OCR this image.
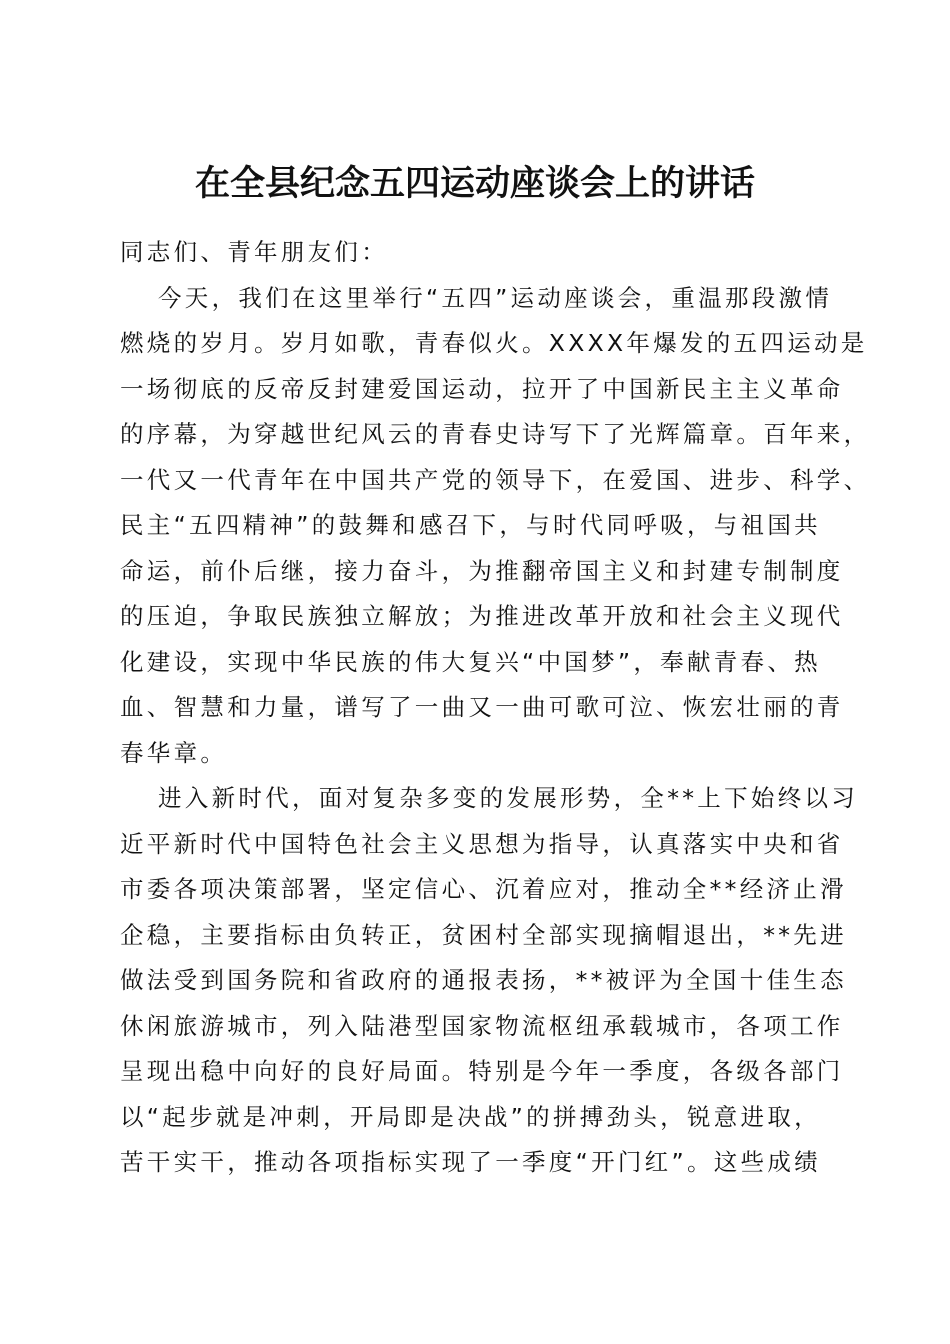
在全县纪念五四运动座谈会上的讲话

同志们、青年朋友们：

今天，我们在这里举行“五四”运动座谈会，重温那段激情
燃烧的岁月。岁月如歌，青春似火。XXXX年爆发的五四运动是
一场彻底的反帝反封建爱国运动，拉开了中国新民主主义革命
的序幕，为穿越世纪风云的青春史诗写下了光辉篇章。百年来，
一代又一代青年在中国共产党的领导下，在爱国、进步、科学、
民主“五四精神”的鼓舞和感召下，与时代同呼吸，与祖国共
命运，前仆后继，接力奋斗，为推翻帝国主义和封建专制制度
的压迫，争取民族独立解放；为推进改革开放和社会主义现代
化建设，实现中华民族的伟大复兴“中国梦”，奉献青春、热
血、智慧和力量，谱写了一曲又一曲可歌可泣、恢宏壮丽的青
春华章。
进入新时代，面对复杂多变的发展形势，全**上下始终以习
近平新时代中国特色社会主义思想为指导，认真落实中央和省
市委各项决策部署，坚定信心、沉着应对，推动全**经济止滑
企稳，主要指标由负转正，贫困村全部实现摘帽退出，**先进
做法受到国务院和省政府的通报表扬，**被评为全国十佳生态
休闲旅游城市，列入陆港型国家物流枢纽承载城市，各项工作
呈现出稳中向好的良好局面。特别是今年一季度，各级各部门
以“起步就是冲刺，开局即是决战”的拼搏劲头，锐意进取，
苦干实干，推动各项指标实现了一季度“开门红”。这些成绩
